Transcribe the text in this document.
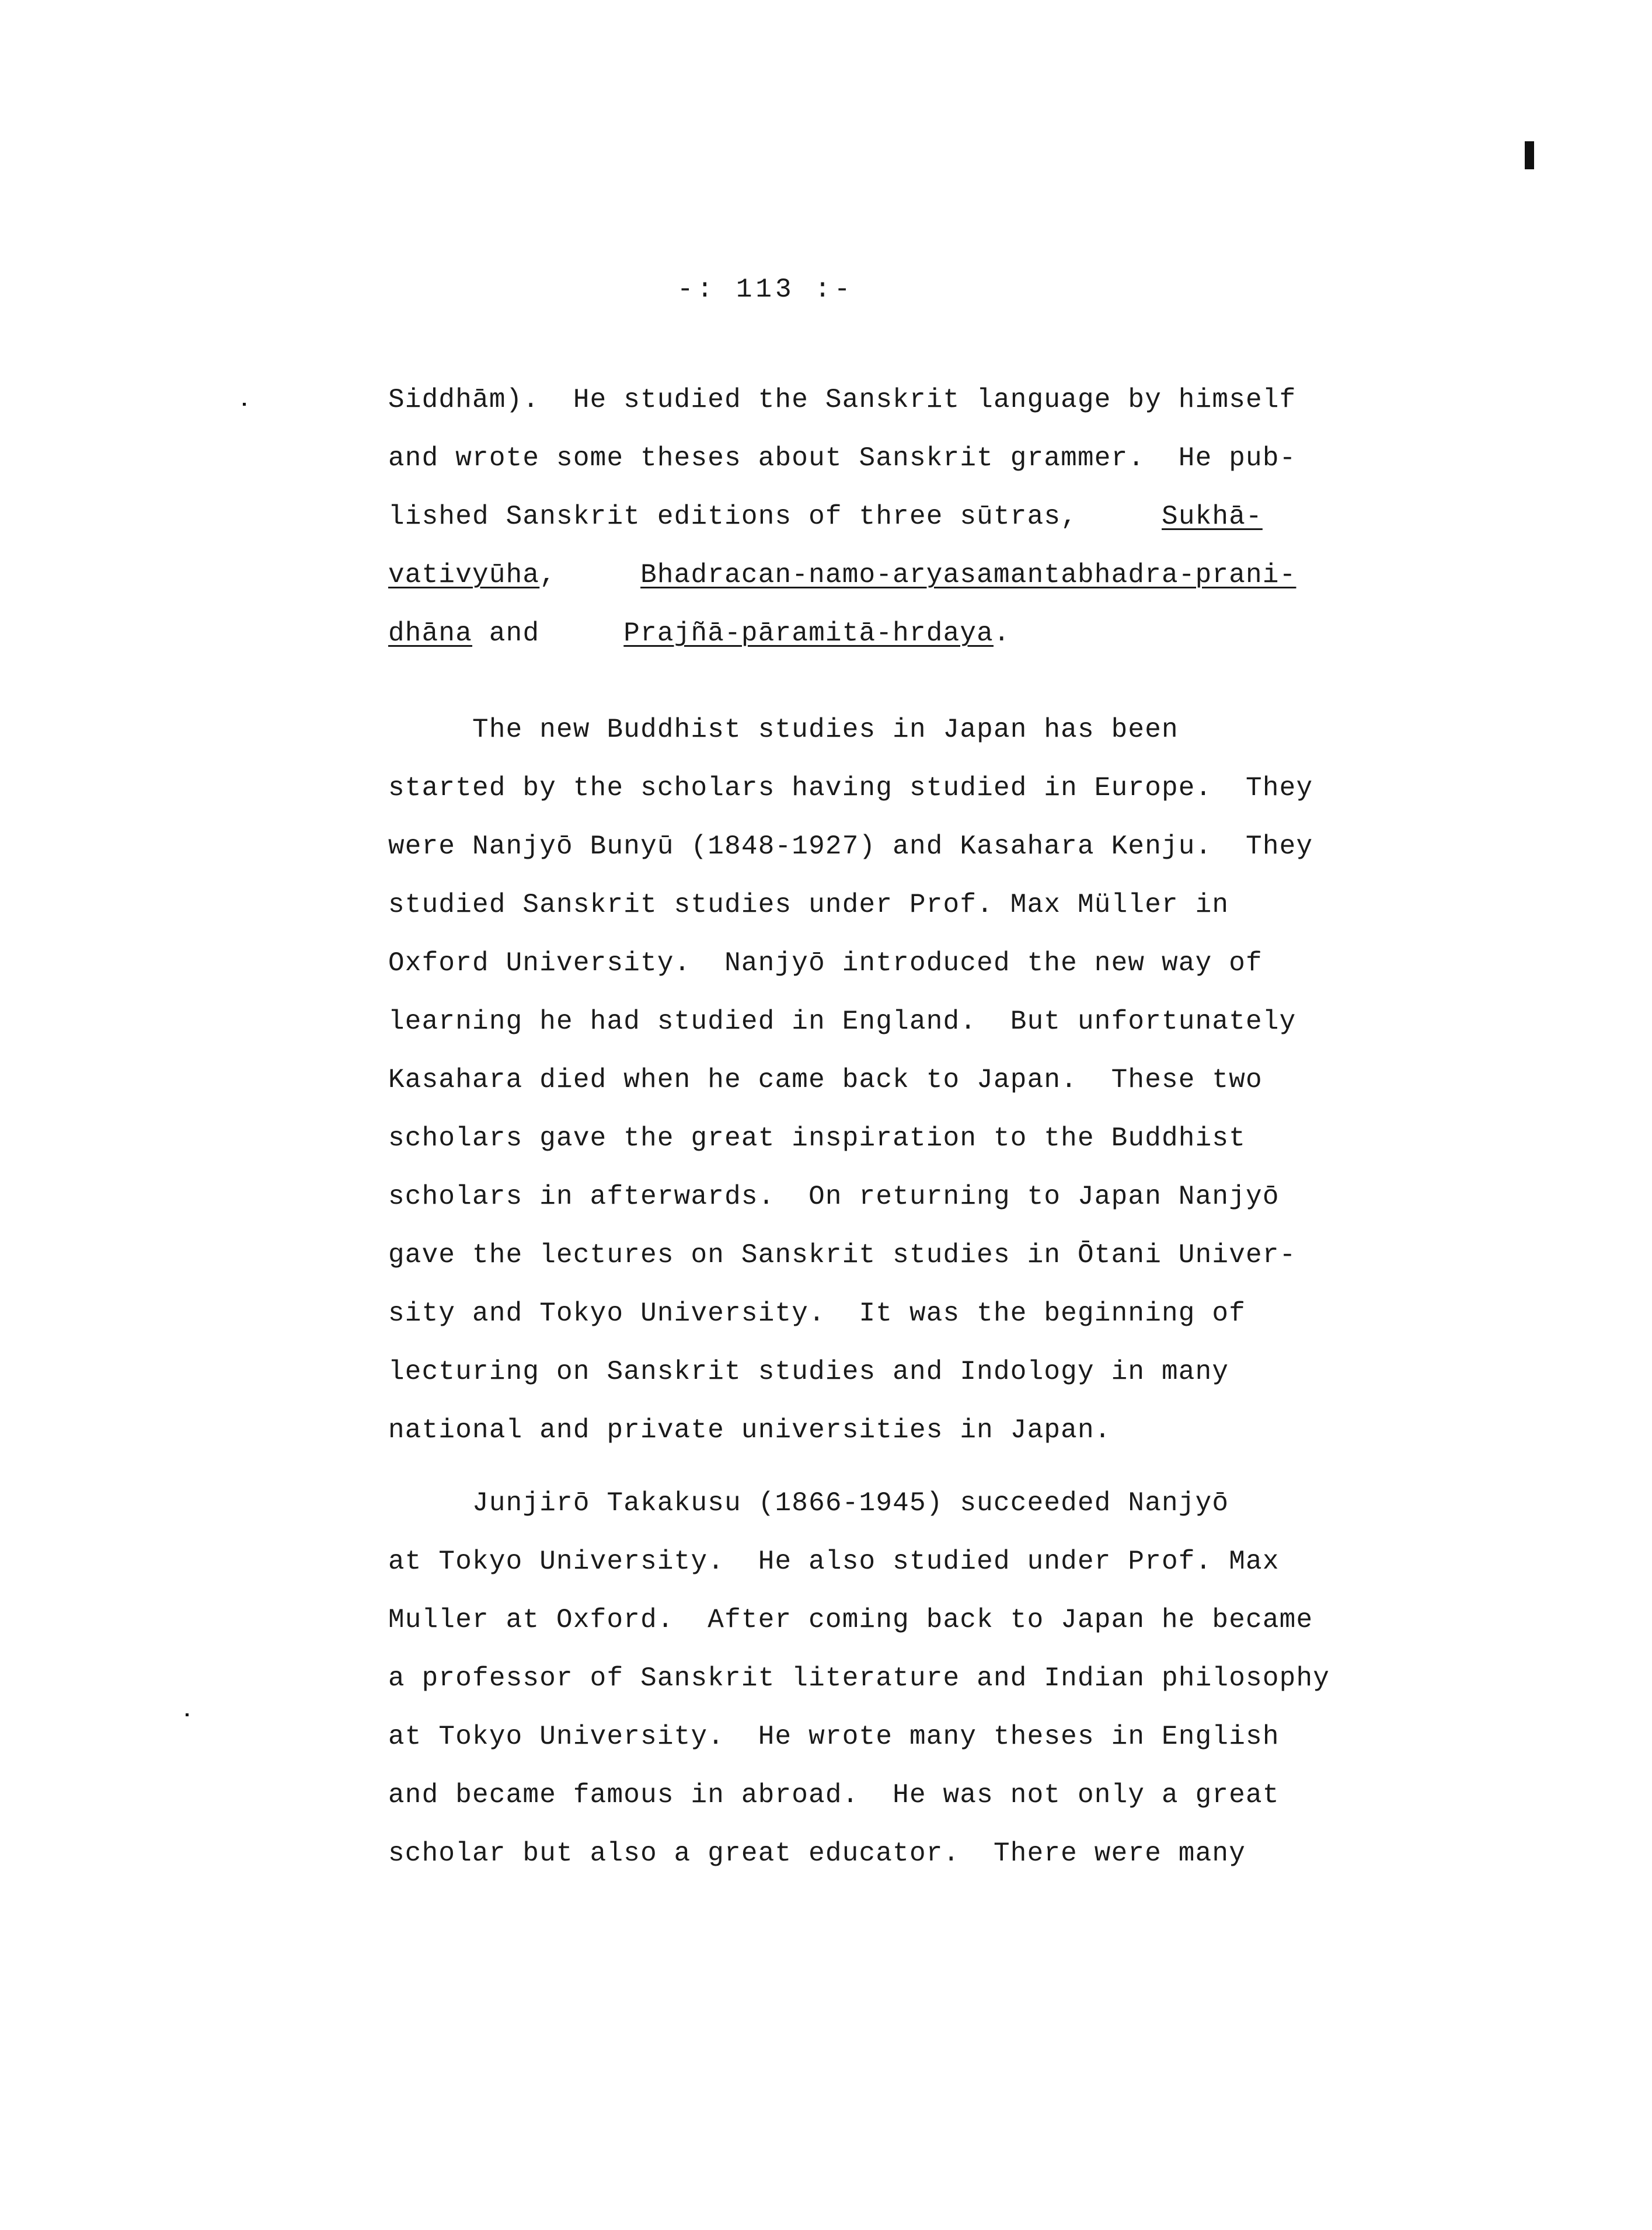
-: 113 :-
Siddhām).  He studied the Sanskrit language by himself
and wrote some theses about Sanskrit grammer.  He pub-
lished Sanskrit editions of three sūtras,     Sukhā-
vativyūha,     Bhadracan-namo-aryasamantabhadra-prani-
dhāna and     Prajñā-pāramitā-hrdaya.
The new Buddhist studies in Japan has been
started by the scholars having studied in Europe.  They
were Nanjyō Bunyū (1848-1927) and Kasahara Kenju.  They
studied Sanskrit studies under Prof. Max Müller in
Oxford University.  Nanjyō introduced the new way of
learning he had studied in England.  But unfortunately
Kasahara died when he came back to Japan.  These two
scholars gave the great inspiration to the Buddhist
scholars in afterwards.  On returning to Japan Nanjyō
gave the lectures on Sanskrit studies in Ōtani Univer-
sity and Tokyo University.  It was the beginning of
lecturing on Sanskrit studies and Indology in many
national and private universities in Japan.
Junjirō Takakusu (1866-1945) succeeded Nanjyō
at Tokyo University.  He also studied under Prof. Max
Muller at Oxford.  After coming back to Japan he became
a professor of Sanskrit literature and Indian philosophy
at Tokyo University.  He wrote many theses in English
and became famous in abroad.  He was not only a great
scholar but also a great educator.  There were many
